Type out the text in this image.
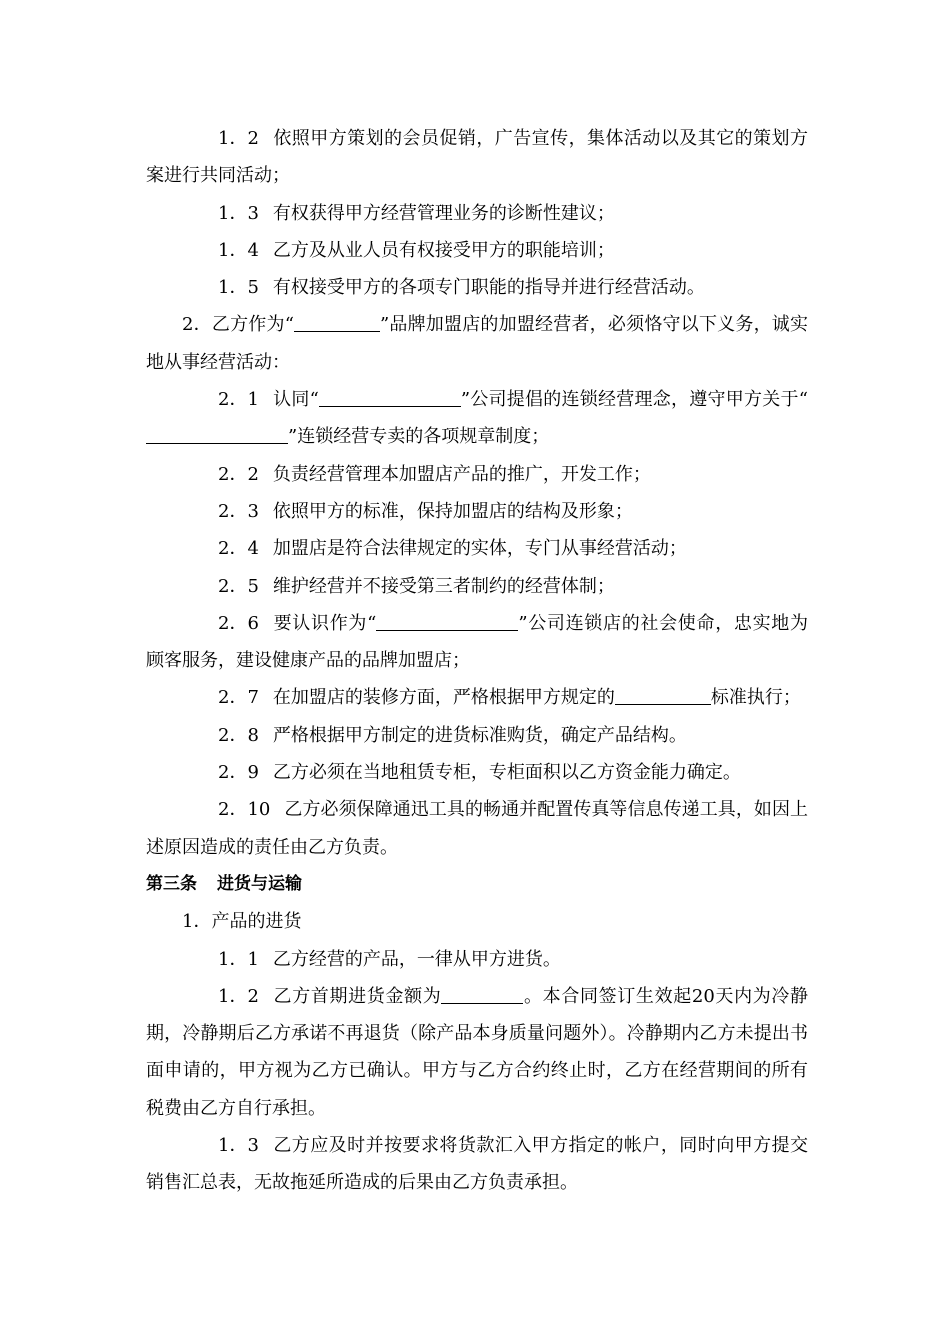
1．2 依照甲方策划的会员促销，广告宣传，集体活动以及其它的策划方案进行共同活动；

1．3 有权获得甲方经营管理业务的诊断性建议；

1．4 乙方及从业人员有权接受甲方的职能培训；

1．5 有权接受甲方的各项专门职能的指导并进行经营活动。

2．乙方作为“	”品牌加盟店的加盟经营者，必须恪守以下义务，诚实地从事经营活动：

2．1 认同“	”公司提倡的连锁经营理念，遵守甲方关于“”连锁经营专卖的各项规章制度；

2．2 负责经营管理本加盟店产品的推广，开发工作；

2．3 依照甲方的标准，保持加盟店的结构及形象；

2．4 加盟店是符合法律规定的实体，专门从事经营活动；

2．5 维护经营并不接受第三者制约的经营体制；

2．6 要认识作为“	”公司连锁店的社会使命，忠实地为顾客服务，建设健康产品的品牌加盟店；

2．7 在加盟店的装修方面，严格根据甲方规定的	标准执行；

2．8 严格根据甲方制定的进货标准购货，确定产品结构。

2．9 乙方必须在当地租赁专柜，专柜面积以乙方资金能力确定。

2．10 乙方必须保障通迅工具的畅通并配置传真等信息传递工具，如因上述原因造成的责任由乙方负责。

第三条 进货与运输

1．产品的进货

1．1 乙方经营的产品，一律从甲方进货。

1．2 乙方首期进货金额为	。本合同签订生效起20天内为冷静期，冷静期后乙方承诺不再退货（除产品本身质量问题外）。冷静期内乙方未提出书面申请的，甲方视为乙方已确认。甲方与乙方合约终止时，乙方在经营期间的所有税费由乙方自行承担。

1．3 乙方应及时并按要求将货款汇入甲方指定的帐户，同时向甲方提交销售汇总表，无故拖延所造成的后果由乙方负责承担。
